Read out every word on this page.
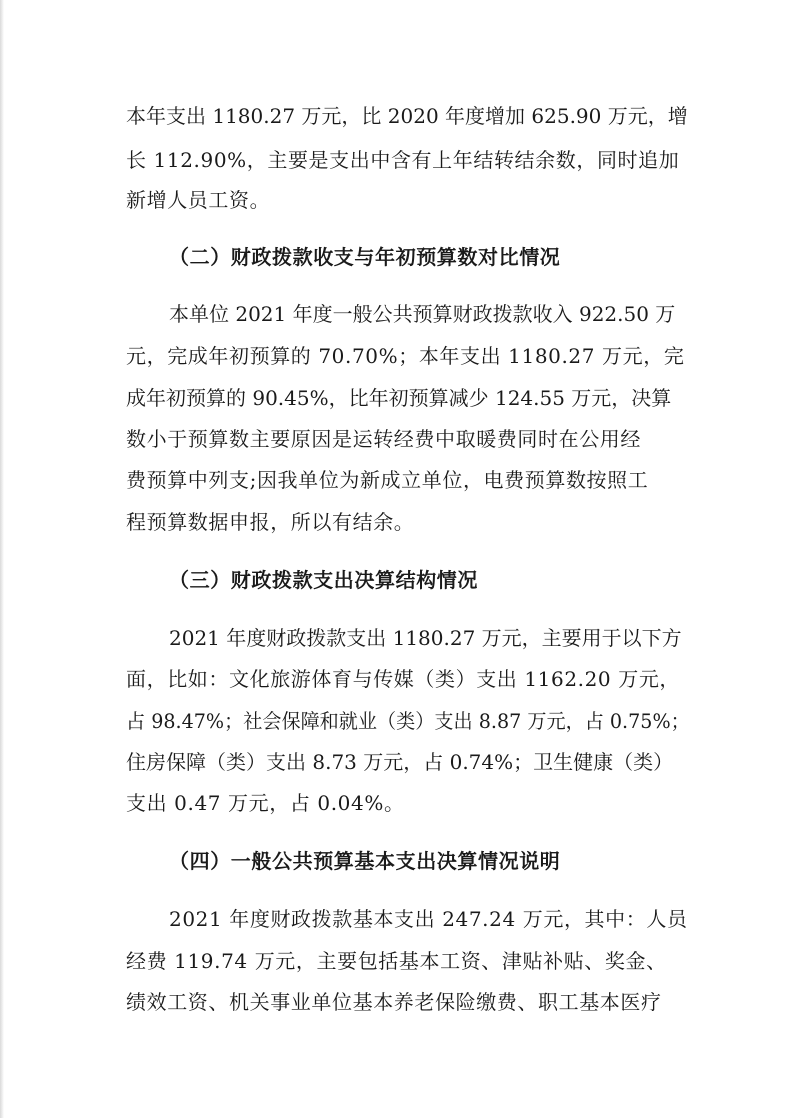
本年支出 1180.27 万元，比 2020 年度增加 625.90 万元，增
长 112.90%，主要是支出中含有上年结转结余数，同时追加
新增人员工资。
（二）财政拨款收支与年初预算数对比情况
本单位 2021 年度一般公共预算财政拨款收入 922.50 万
元，完成年初预算的 70.70%；本年支出 1180.27 万元，完
成年初预算的 90.45%，比年初预算减少 124.55 万元，决算
数小于预算数主要原因是运转经费中取暖费同时在公用经
费预算中列支;因我单位为新成立单位，电费预算数按照工
程预算数据申报，所以有结余。
（三）财政拨款支出决算结构情况
2021 年度财政拨款支出 1180.27 万元，主要用于以下方
面，比如：文化旅游体育与传媒（类）支出 1162.20 万元，
占 98.47%；社会保障和就业（类）支出 8.87 万元，占 0.75%；
住房保障（类）支出 8.73 万元，占 0.74%；卫生健康（类）
支出 0.47 万元，占 0.04%。
（四）一般公共预算基本支出决算情况说明
2021 年度财政拨款基本支出 247.24 万元，其中：人员
经费 119.74 万元，主要包括基本工资、津贴补贴、奖金、
绩效工资、机关事业单位基本养老保险缴费、职工基本医疗
